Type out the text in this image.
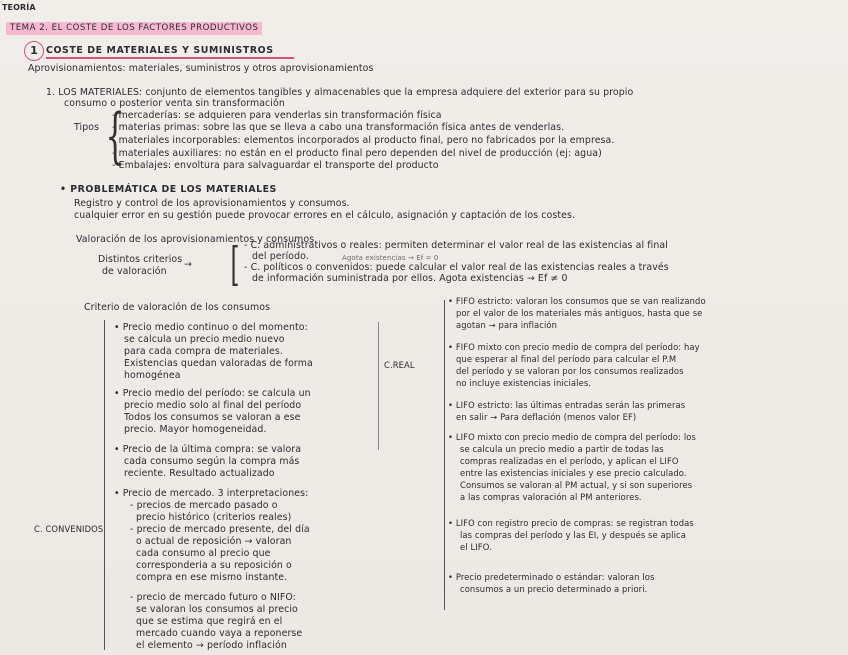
TEORÍA
TEMA 2. EL COSTE DE LOS FACTORES PRODUCTIVOS
1 COSTE DE MATERIALES Y SUMINISTROS
Aprovisionamientos: materiales, suministros y otros aprovisionamientos
1. LOS MATERIALES: conjunto de elementos tangibles y almacenables que la empresa adquiere del exterior para su propio
consumo o posterior venta sin transformación
Tipos {
- mercaderías: se adquieren para venderlas sin transformación física
- materias primas: sobre las que se lleva a cabo una transformación física antes de venderlas.
- materiales incorporables: elementos incorporados al producto final, pero no fabricados por la empresa.
- materiales auxiliares: no están en el producto final pero dependen del nivel de producción (ej: agua)
- Embalajes: envoltura para salvaguardar el transporte del producto
• PROBLEMÁTICA DE LOS MATERIALES
Registro y control de los aprovisionamientos y consumos.
cualquier error en su gestión puede provocar errores en el cálculo, asignación y captación de los costes.
Valoración de los aprovisionamientos y consumos.
Distintos criterios
de valoración
→ [ - C. administrativos o reales: permiten determinar el valor real de las existencias al final
del período.	Agota existencias → Ef = 0
- C. políticos o convenidos: puede calcular el valor real de las existencias reales a través
de información suministrada por ellos. Agota existencias → Ef ≠ 0
Criterio de valoración de los consumos
C.REAL
C. CONVENIDOS
• Precio medio continuo o del momento:
se calcula un precio medio nuevo
para cada compra de materiales.
Existencias quedan valoradas de forma
homogénea
• Precio medio del período: se calcula un
precio medio solo al final del período
Todos los consumos se valoran a ese
precio. Mayor homogeneidad.
• Precio de la última compra: se valora
cada consumo según la compra más
reciente. Resultado actualizado
• Precio de mercado. 3 interpretaciones:
- precios de mercado pasado o
precio histórico (criterios reales)
- precio de mercado presente, del día
o actual de reposición → valoran
cada consumo al precio que
corresponderia a su reposición o
compra en ese mismo instante.
- precio de mercado futuro o NIFO:
se valoran los consumos al precio
que se estima que regirá en el
mercado cuando vaya a reponerse
el elemento → período inflación
• FIFO estricto: valoran los consumos que se van realizando
por el valor de los materiales más antiguos, hasta que se
agotan → para inflación
• FIFO mixto con precio medio de compra del período: hay
que esperar al final del período para calcular el P.M
del período y se valoran por los consumos realizados
no incluye existencias iniciales.
• LIFO estricto: las últimas entradas serán las primeras
en salir → Para deflación (menos valor EF)
• LIFO mixto con precio medio de compra del período: los
se calcula un precio medio a partir de todas las
compras realizadas en el período, y aplican el LIFO
entre las existencias iniciales y ese precio calculado.
Consumos se valoran al PM actual, y si son superiores
a las compras valoración al PM anteriores.
• LIFO con registro precio de compras: se registran todas
las compras del período y las EI, y después se aplica
el LIFO.
• Precio predeterminado o estándar: valoran los
consumos a un precio determinado a priori.
